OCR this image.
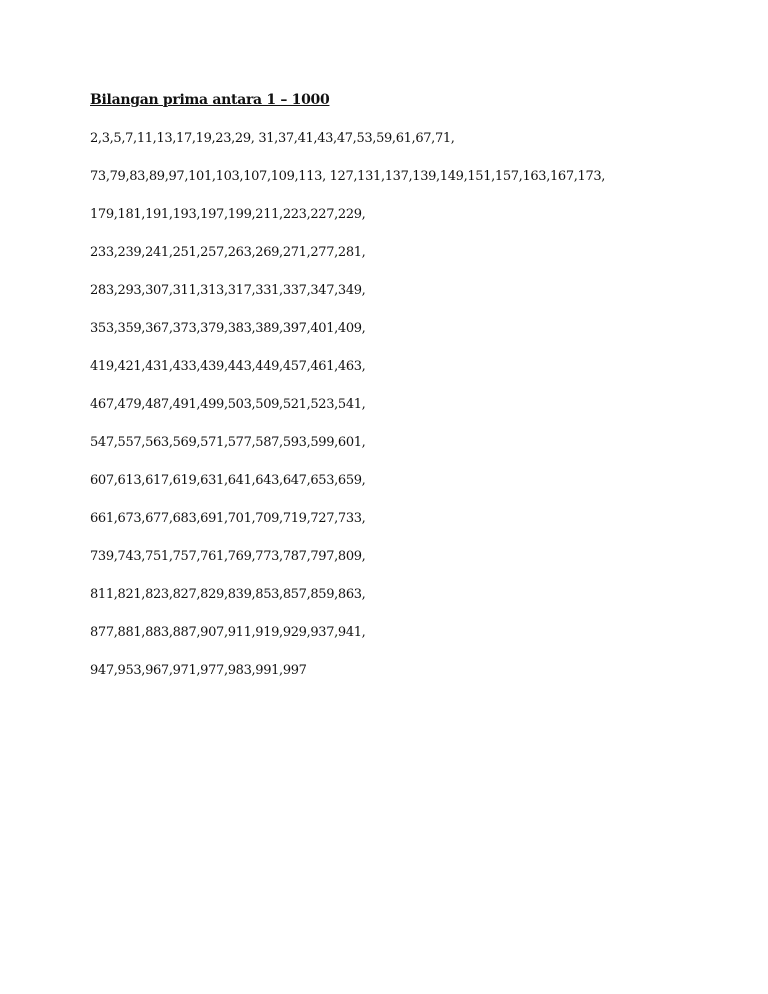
Bilangan prima antara 1 – 1000
2,3,5,7,11,13,17,19,23,29, 31,37,41,43,47,53,59,61,67,71,
73,79,83,89,97,101,103,107,109,113, 127,131,137,139,149,151,157,163,167,173,
179,181,191,193,197,199,211,223,227,229,
233,239,241,251,257,263,269,271,277,281,
283,293,307,311,313,317,331,337,347,349,
353,359,367,373,379,383,389,397,401,409,
419,421,431,433,439,443,449,457,461,463,
467,479,487,491,499,503,509,521,523,541,
547,557,563,569,571,577,587,593,599,601,
607,613,617,619,631,641,643,647,653,659,
661,673,677,683,691,701,709,719,727,733,
739,743,751,757,761,769,773,787,797,809,
811,821,823,827,829,839,853,857,859,863,
877,881,883,887,907,911,919,929,937,941,
947,953,967,971,977,983,991,997
